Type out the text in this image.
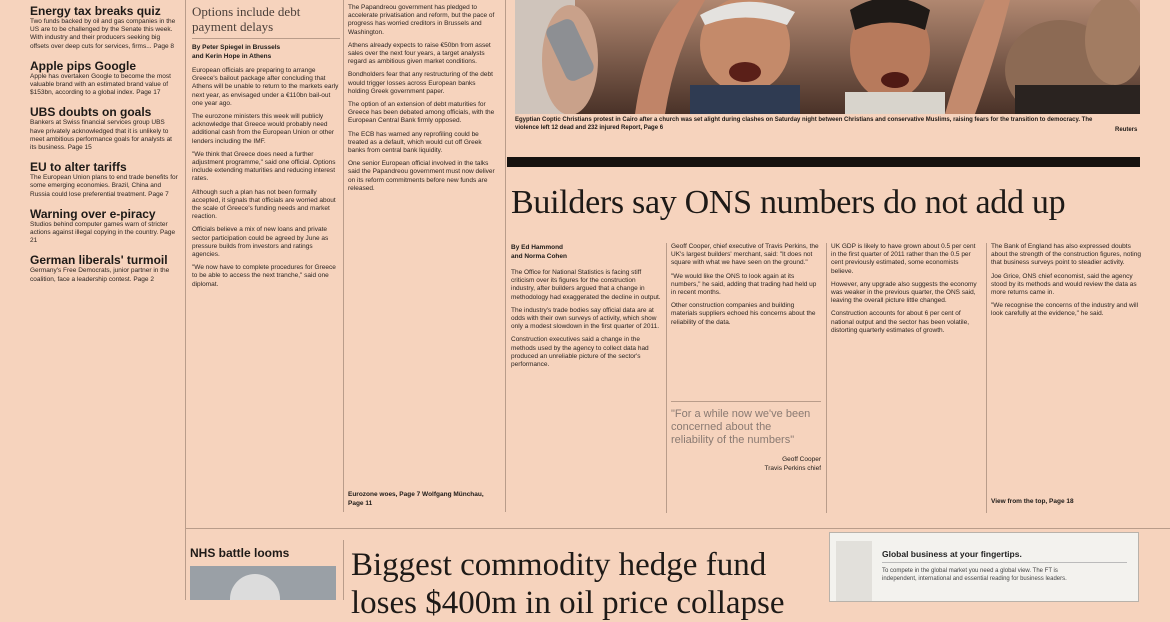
Energy tax breaks quiz
Two funds backed by oil and gas companies in the US are to be challenged by the Senate this week. With industry and their producers seeking big offsets over deep cuts for services, firms... Page 8
Apple pips Google
Apple has overtaken Google to become the most valuable brand with an estimated brand value of $153bn, according to a global index. Page 17
UBS doubts on goals
Bankers at Swiss financial services group UBS have privately acknowledged that it is unlikely to meet ambitious performance goals for analysts at its business. Page 15
EU to alter tariffs
The European Union plans to end trade benefits for some emerging economies. Brazil, China and Russia could lose preferential treatment. Page 7
Warning over e-piracy
Studios behind computer games warn of stricter actions against illegal copying in the country. Page 21
German liberals' turmoil
Germany's Free Democrats, junior partner in the coalition, face a leadership contest. Page 2
Options include debt payment delays
By Peter Spiegel in Brussels
and Kerin Hope in Athens

European officials are preparing to arrange Greece's bailout package after concluding that Athens will be unable to return to the markets early next year, as envisaged under a €110bn bail-out one year ago.

The eurozone ministers this week will publicly acknowledge that Greece would probably need additional cash from the European Union or other lenders including the IMF.

"We think that Greece does need a further adjustment programme," said one official. Options include extending maturities and reducing interest rates.

Although such a plan has not been formally accepted, it signals that officials are worried about the scale of Greece's funding needs and market reaction.

Officials believe a mix of new loans and private sector participation could be agreed by June as pressure builds from investors and ratings agencies.

"We now have to complete procedures for Greece to be able to access the next tranche," said one diplomat.

Eurozone woes, Page 7 Wolfgang Münchau, Page 11

The Papandreou government has pledged to accelerate privatisation and reform, but the pace of progress has worried creditors in Brussels and Washington.

Athens already expects to raise €50bn from asset sales over the next four years, a target analysts regard as ambitious given market conditions.

Bondholders fear that any restructuring of the debt would trigger losses across European banks holding Greek government paper.

The option of an extension of debt maturities for Greece has been debated among officials, with the European Central Bank firmly opposed.

The ECB has warned any reprofiling could be treated as a default, which would cut off Greek banks from central bank liquidity.

One senior European official involved in the talks said the Papandreou government must now deliver on its reform commitments before new funds are released.

Egyptian Coptic Christians protest in Cairo after a church was set alight during clashes on Saturday night between Christians and conservative Muslims, raising fears for the transition to democracy. The violence left 12 dead and 232 injured Report, Page 6	Reuters
Builders say ONS numbers do not add up
By Ed Hammond
and Norma Cohen

The Office for National Statistics is facing stiff criticism over its figures for the construction industry, after builders argued that a change in methodology had exaggerated the decline in output.

The industry's trade bodies say official data are at odds with their own surveys of activity, which show only a modest slowdown in the first quarter of 2011.

Construction executives said a change in the methods used by the agency to collect data had produced an unreliable picture of the sector's performance.

Geoff Cooper, chief executive of Travis Perkins, the UK's largest builders' merchant, said: "It does not square with what we have seen on the ground."

"We would like the ONS to look again at its numbers," he said, adding that trading had held up in recent months.

Other construction companies and building materials suppliers echoed his concerns about the reliability of the data.

"For a while now we've been concerned about the reliability of the numbers"
Geoff Cooper
Travis Perkins chief

UK GDP is likely to have grown about 0.5 per cent in the first quarter of 2011 rather than the 0.5 per cent previously estimated, some economists believe.

However, any upgrade also suggests the economy was weaker in the previous quarter, the ONS said, leaving the overall picture little changed.

Construction accounts for about 6 per cent of national output and the sector has been volatile, distorting quarterly estimates of growth.

The Bank of England has also expressed doubts about the strength of the construction figures, noting that business surveys point to steadier activity.

Joe Grice, ONS chief economist, said the agency stood by its methods and would review the data as more returns came in.

"We recognise the concerns of the industry and will look carefully at the evidence," he said.

View from the top, Page 18
NHS battle looms	Biggest commodity hedge fund loses $400m in oil price collapse
Global business at your fingertips.
To compete in the global market you need a global view. The FT is independent, international and essential reading for business leaders.
